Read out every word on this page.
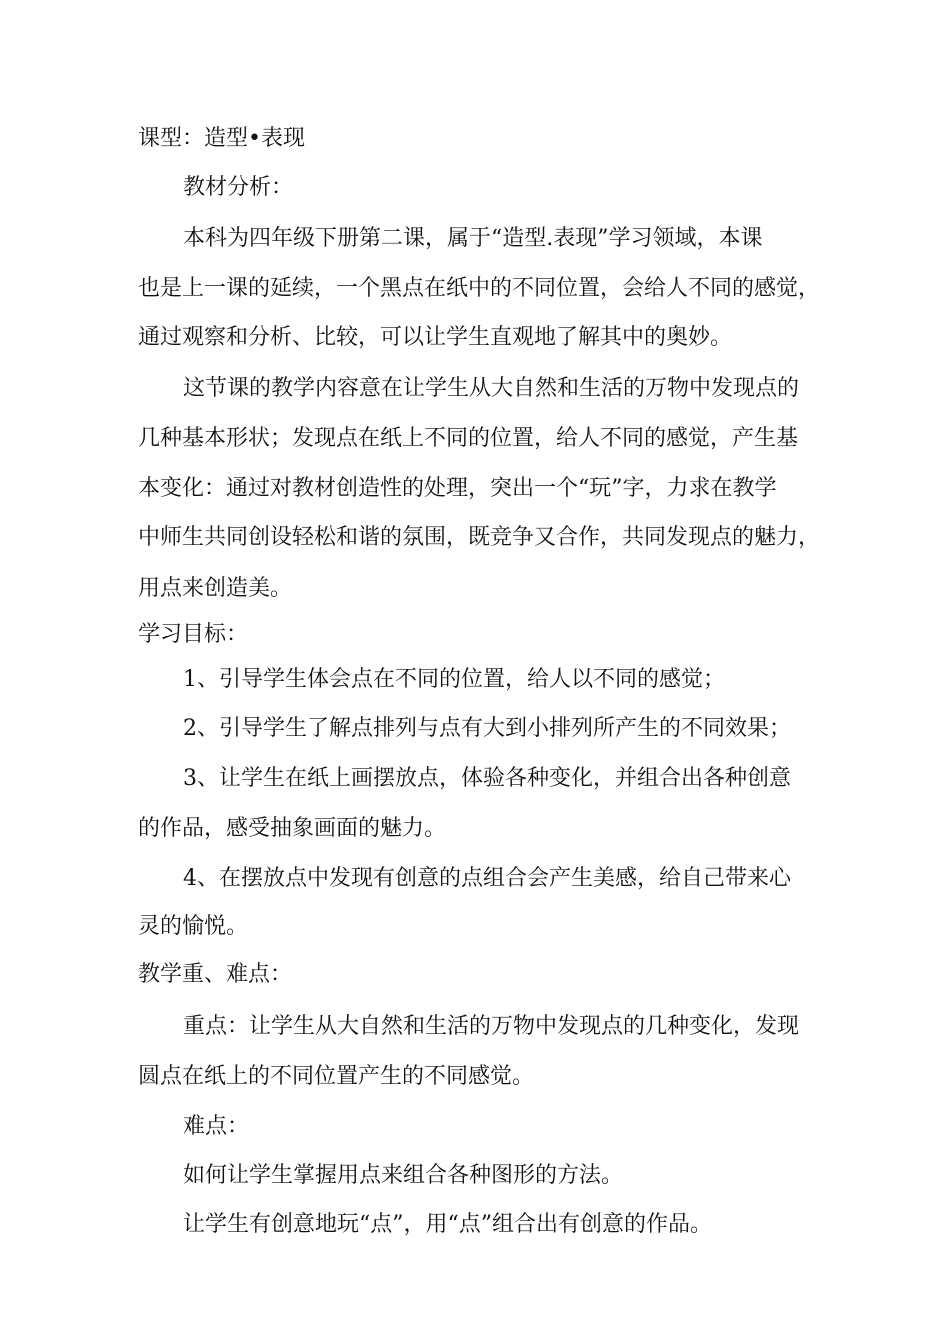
课型：造型•表现
教材分析：
本科为四年级下册第二课，属于“造型.表现”学习领域，本课
也是上一课的延续，一个黑点在纸中的不同位置，会给人不同的感觉，
通过观察和分析、比较，可以让学生直观地了解其中的奥妙。
这节课的教学内容意在让学生从大自然和生活的万物中发现点的
几种基本形状；发现点在纸上不同的位置，给人不同的感觉，产生基
本变化：通过对教材创造性的处理，突出一个“玩”字，力求在教学
中师生共同创设轻松和谐的氛围，既竞争又合作，共同发现点的魅力，
用点来创造美。
学习目标：
1、引导学生体会点在不同的位置，给人以不同的感觉；
2、引导学生了解点排列与点有大到小排列所产生的不同效果；
3、让学生在纸上画摆放点，体验各种变化，并组合出各种创意
的作品，感受抽象画面的魅力。
4、在摆放点中发现有创意的点组合会产生美感，给自己带来心
灵的愉悦。
教学重、难点：
重点：让学生从大自然和生活的万物中发现点的几种变化，发现
圆点在纸上的不同位置产生的不同感觉。
难点：
如何让学生掌握用点来组合各种图形的方法。
让学生有创意地玩“点”，用“点”组合出有创意的作品。
